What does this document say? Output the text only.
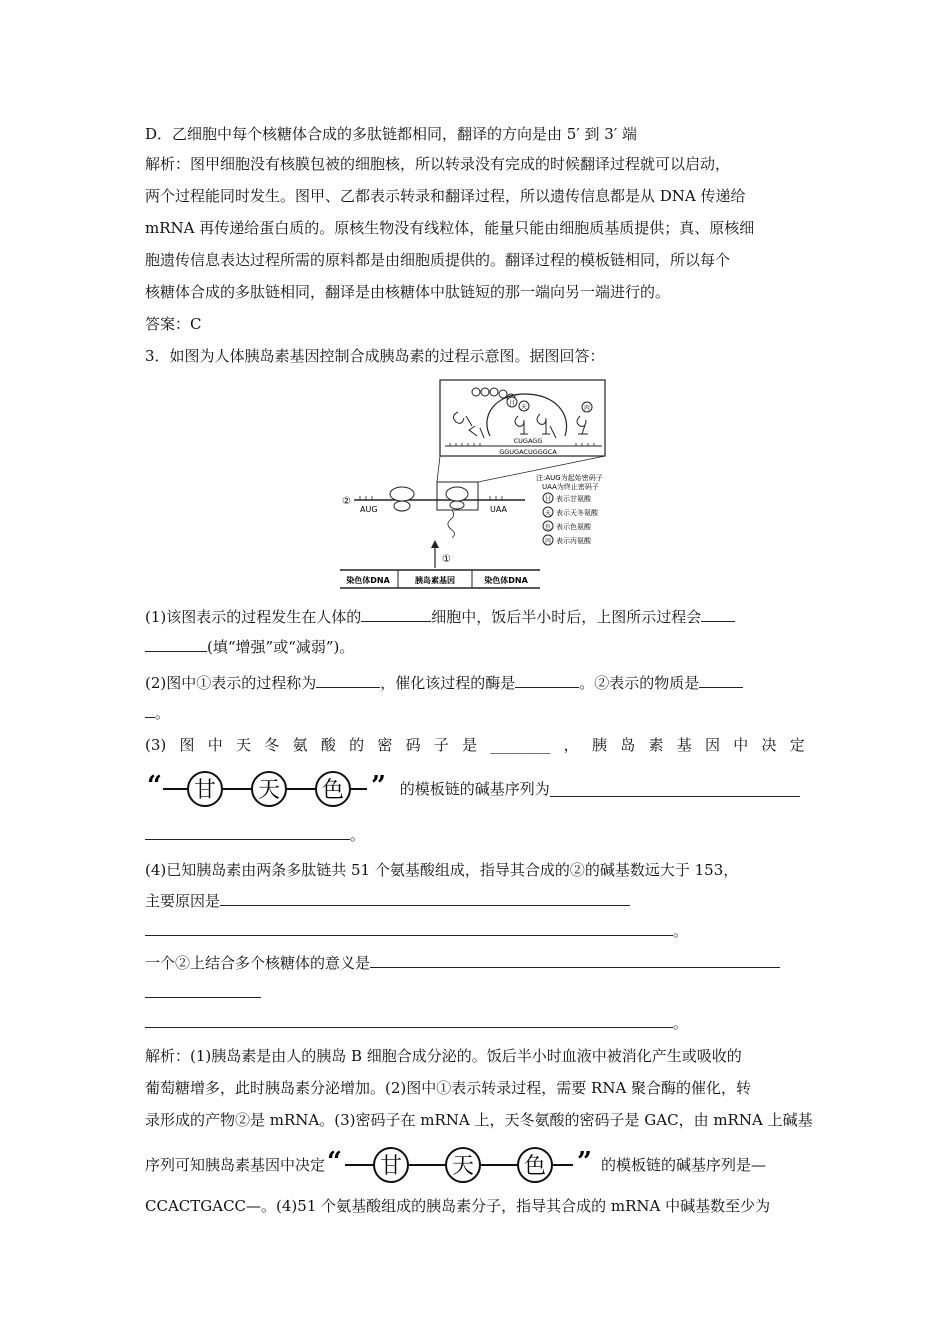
D．乙细胞中每个核糖体合成的多肽链都相同，翻译的方向是由 5′ 到 3′ 端
解析：图甲细胞没有核膜包被的细胞核，所以转录没有完成的时候翻译过程就可以启动，
两个过程能同时发生。图甲、乙都表示转录和翻译过程，所以遗传信息都是从 DNA 传递给
mRNA 再传递给蛋白质的。原核生物没有线粒体，能量只能由细胞质基质提供；真、原核细
胞遗传信息表达过程所需的原料都是由细胞质提供的。翻译过程的模板链相同，所以每个
核糖体合成的多肽链相同，翻译是由核糖体中肽链短的那一端向另一端进行的。
答案：C
3．如图为人体胰岛素基因控制合成胰岛素的过程示意图。据图回答：
甘
天	丙
CUGAGG
GGUGACUGGGCA
②
AUG	UAA
①
注:AUG为起始密码子
UAA为终止密码子
甘 表示甘氨酸
天 表示天冬氨酸
色 表示色氨酸
丙 表示丙氨酸
染色体DNA	胰岛素基因	染色体DNA
(1)该图表示的过程发生在人体的	细胞中，饭后半小时后，上图所示过程会
(填“增强”或“减弱”)。
(2)图中①表示的过程称为	，催化该过程的酶是	。②表示的物质是
。
(3) 图 中 天 冬 氨 酸 的 密 码 子 是 ________ ， 胰 岛 素 基 因 中 决 定
“ 甘 天 色 ” 的模板链的碱基序列为
。
(4)已知胰岛素由两条多肽链共 51 个氨基酸组成，指导其合成的②的碱基数远大于 153，
主要原因是
。
一个②上结合多个核糖体的意义是
。
解析：(1)胰岛素是由人的胰岛 B 细胞合成分泌的。饭后半小时血液中被消化产生或吸收的
葡萄糖增多，此时胰岛素分泌增加。(2)图中①表示转录过程，需要 RNA 聚合酶的催化，转
录形成的产物②是 mRNA。(3)密码子在 mRNA 上，天冬氨酸的密码子是 GAC，由 mRNA 上碱基
序列可知胰岛素基因中决定 “ 甘 天 色 ” 的模板链的碱基序列是—
CCACTGACC—。(4)51 个氨基酸组成的胰岛素分子，指导其合成的 mRNA 中碱基数至少为
